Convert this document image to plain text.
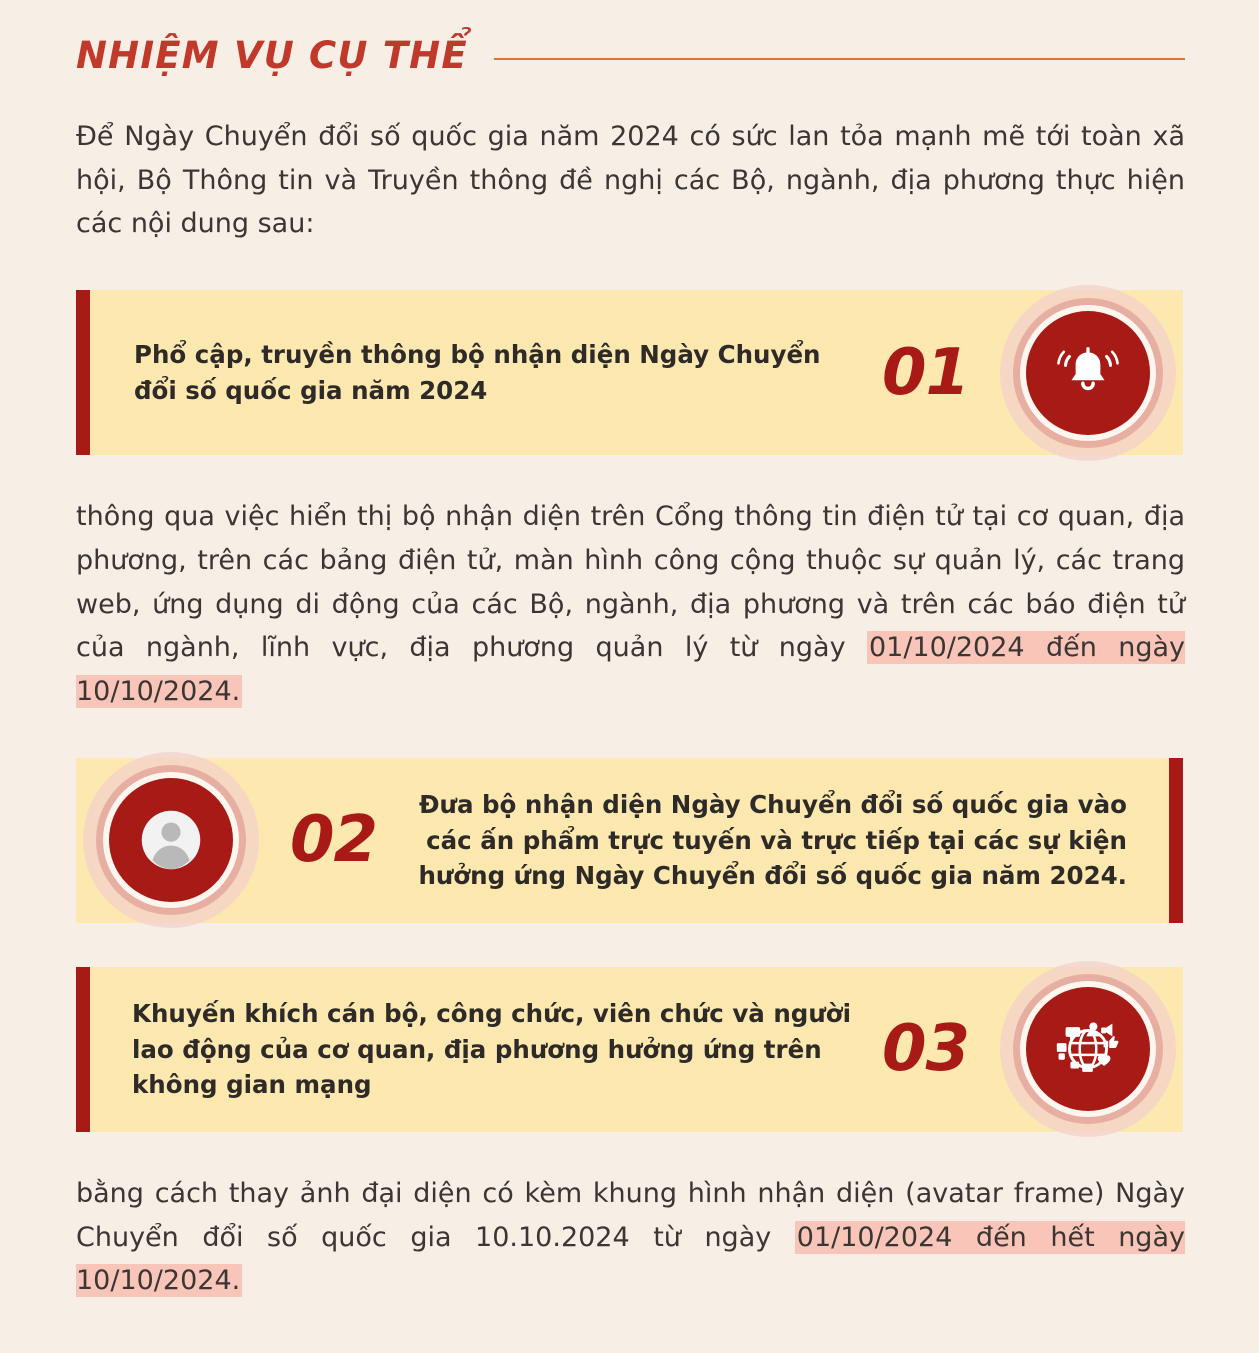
NHIỆM VỤ CỤ THỂ
Để Ngày Chuyển đổi số quốc gia năm 2024 có sức lan tỏa mạnh mẽ tới toàn xã hội, Bộ Thông tin và Truyền thông đề nghị các Bộ, ngành, địa phương thực hiện các nội dung sau:
Phổ cập, truyền thông bộ nhận diện Ngày Chuyển đổi số quốc gia năm 2024	01
thông qua việc hiển thị bộ nhận diện trên Cổng thông tin điện tử tại cơ quan, địa phương, trên các bảng điện tử, màn hình công cộng thuộc sự quản lý, các trang web, ứng dụng di động của các Bộ, ngành, địa phương và trên các báo điện tử của ngành, lĩnh vực, địa phương quản lý từ ngày 01/10/2024 đến ngày 10/10/2024.
02	Đưa bộ nhận diện Ngày Chuyển đổi số quốc gia vào các ấn phẩm trực tuyến và trực tiếp tại các sự kiện hưởng ứng Ngày Chuyển đổi số quốc gia năm 2024.
Khuyến khích cán bộ, công chức, viên chức và người lao động của cơ quan, địa phương hưởng ứng trên không gian mạng	03
bằng cách thay ảnh đại diện có kèm khung hình nhận diện (avatar frame) Ngày Chuyển đổi số quốc gia 10.10.2024 từ ngày 01/10/2024 đến hết ngày 10/10/2024.
